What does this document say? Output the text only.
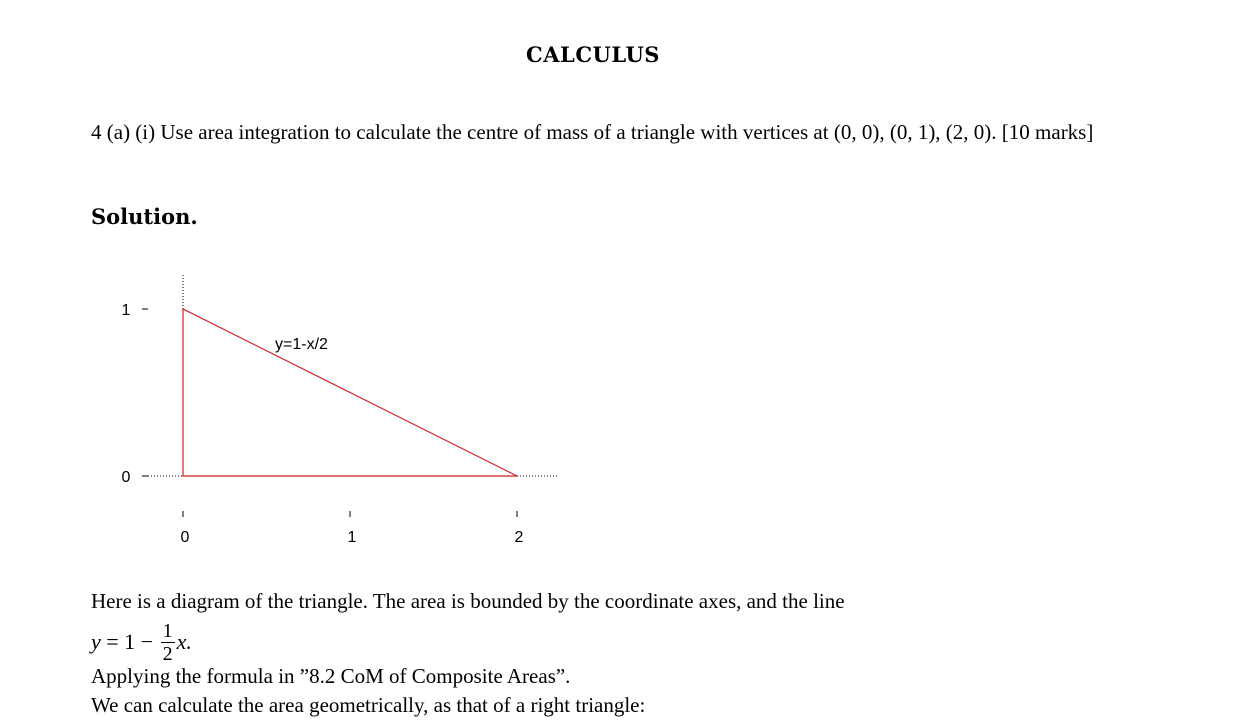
CALCULUS
4 (a) (i) Use area integration to calculate the centre of mass of a triangle with vertices at (0, 0), (0, 1), (2, 0). [10 marks]
Solution.
1
0
0	1	2
y=1-x/2
Here is a diagram of the triangle. The area is bounded by the coordinate axes, and the line
$y = 1 - \frac{1}{2} x$.
Applying the formula in ”8.2 CoM of Composite Areas”.
We can calculate the area geometrically, as that of a right triangle:
